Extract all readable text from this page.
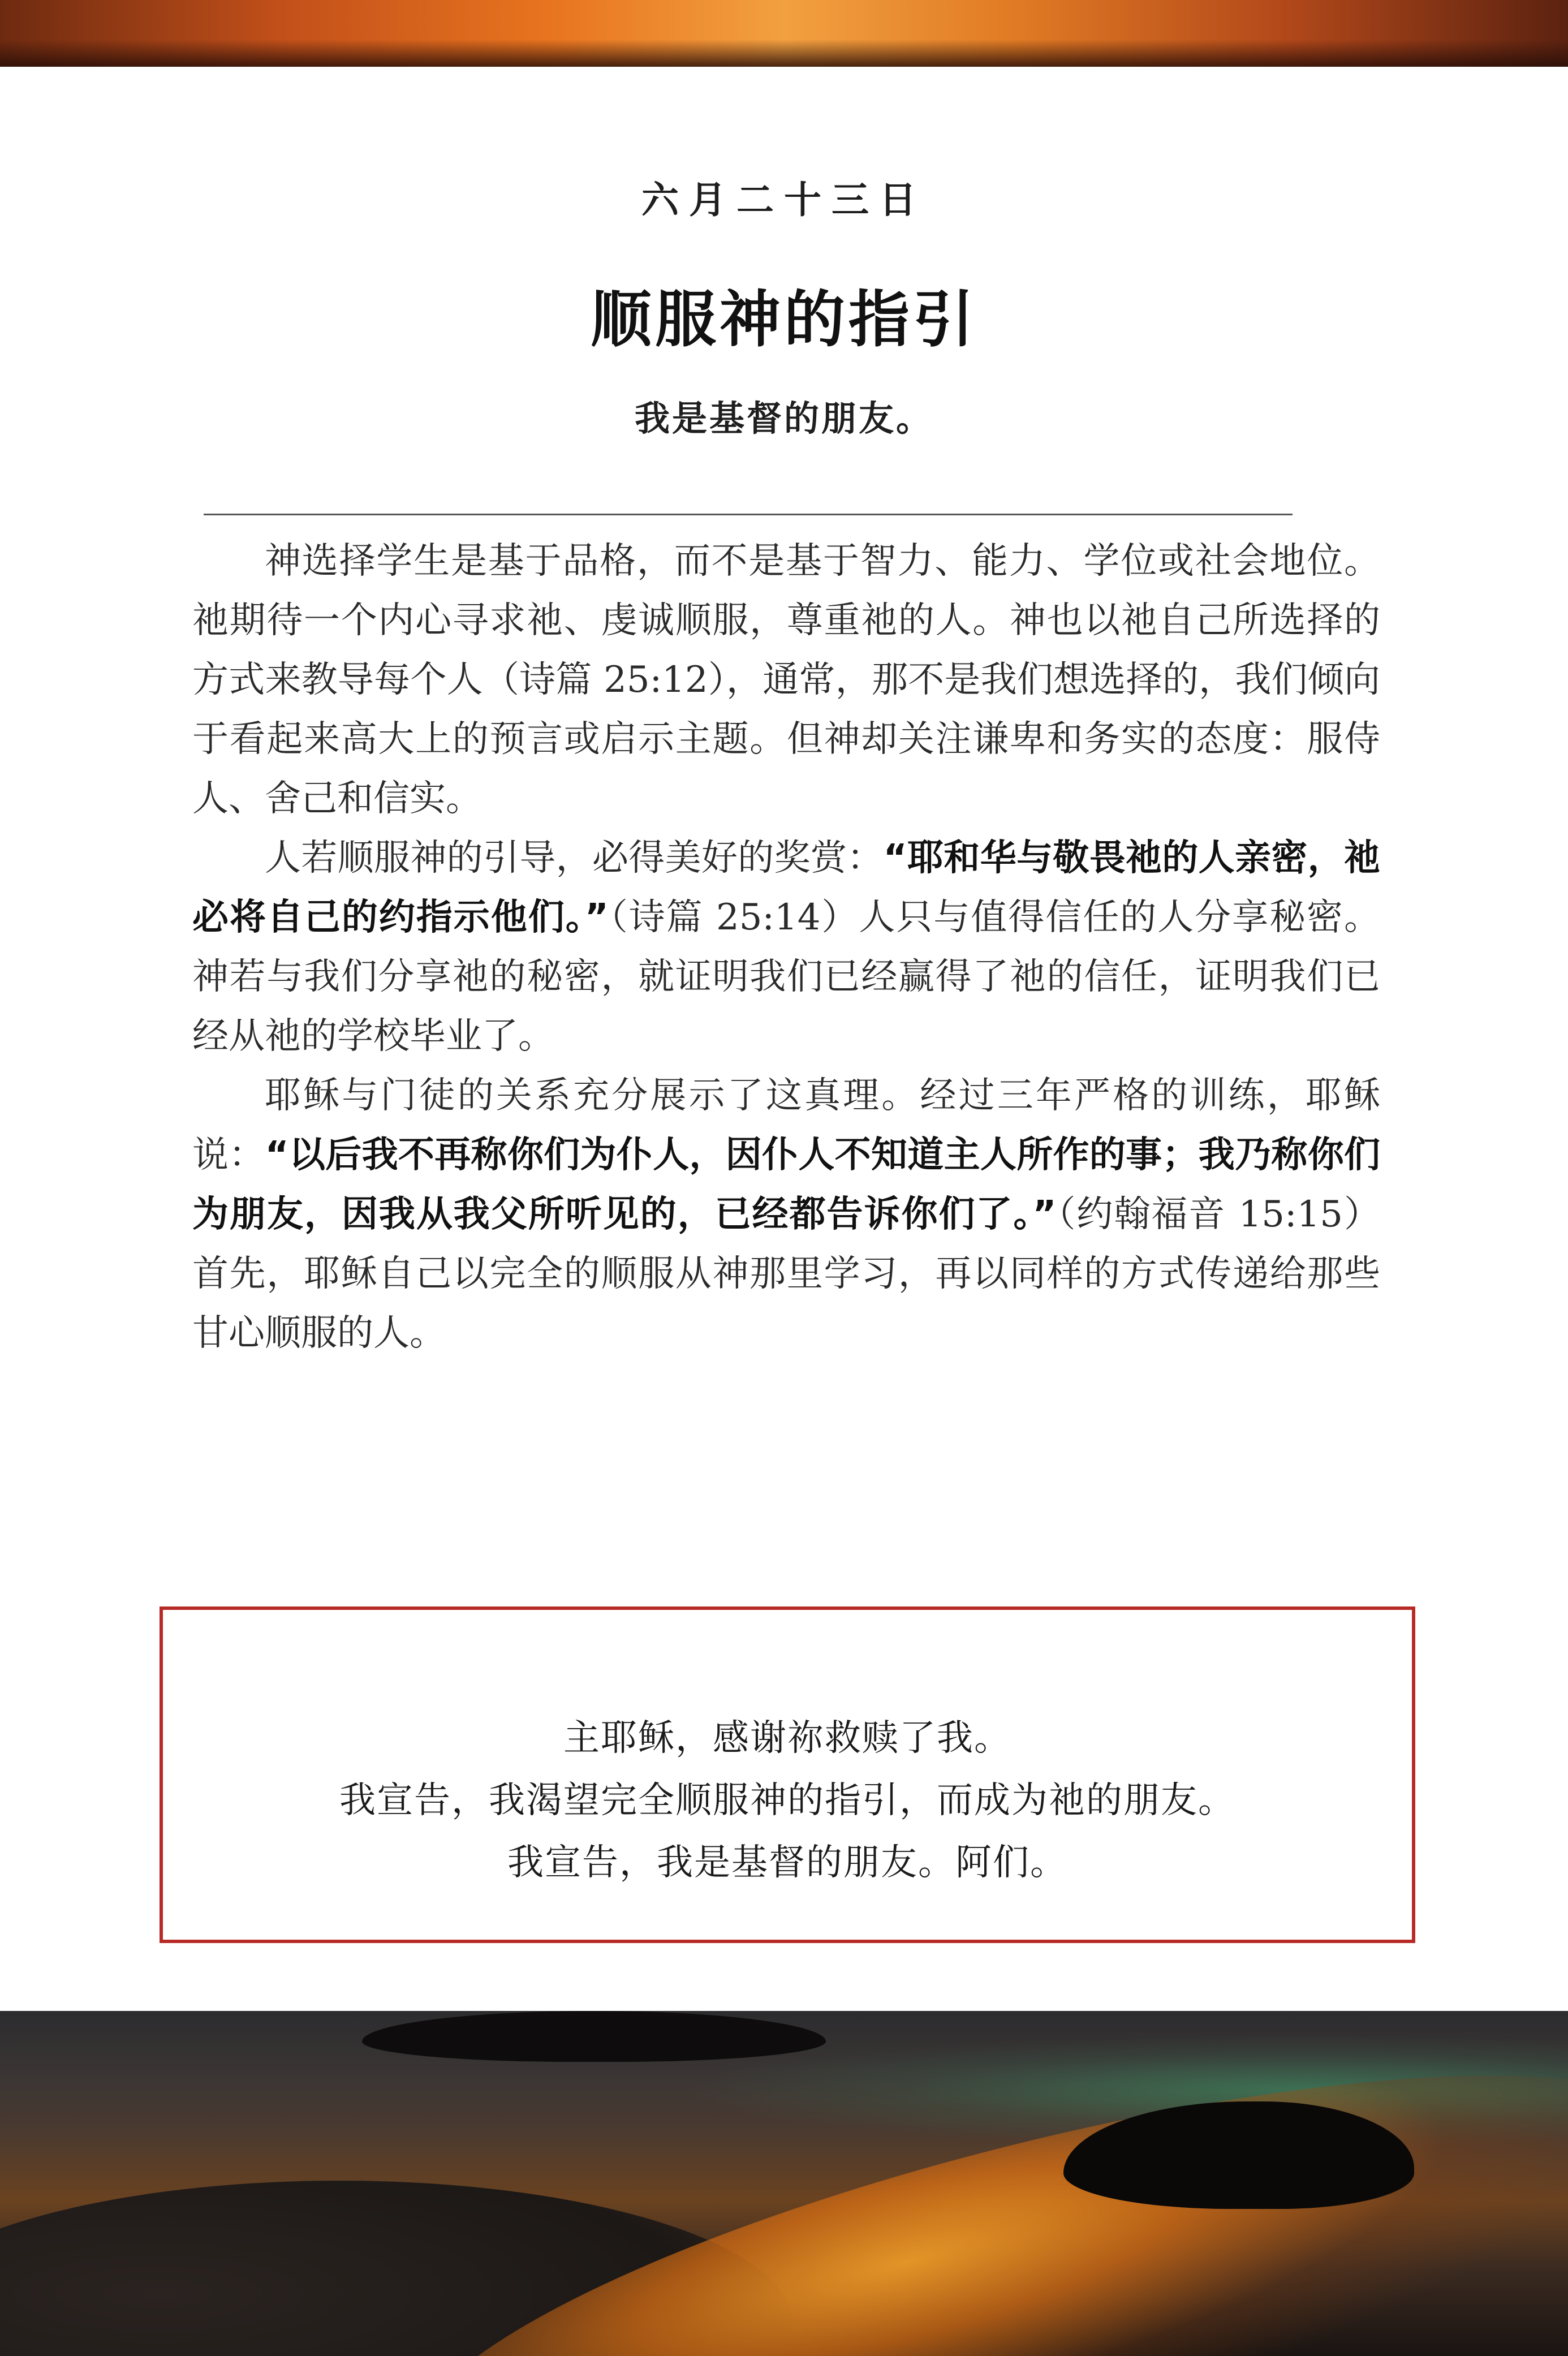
六月二十三日
顺服神的指引
我是基督的朋友。

神选择学生是基于品格，而不是基于智力、能力、学位或社会地位。祂期待一个内心寻求祂、虔诚顺服，尊重祂的人。神也以祂自己所选择的方式来教导每个人（诗篇 25:12），通常，那不是我们想选择的，我们倾向于看起来高大上的预言或启示主题。但神却关注谦卑和务实的态度：服侍人、舍己和信实。

人若顺服神的引导，必得美好的奖赏：“耶和华与敬畏祂的人亲密，祂必将自己的约指示他们。”（诗篇 25:14）人只与值得信任的人分享秘密。神若与我们分享祂的秘密，就证明我们已经赢得了祂的信任，证明我们已经从祂的学校毕业了。

耶稣与门徒的关系充分展示了这真理。经过三年严格的训练，耶稣说：“以后我不再称你们为仆人，因仆人不知道主人所作的事；我乃称你们为朋友，因我从我父所听见的，已经都告诉你们了。”（约翰福音 15:15）首先，耶稣自己以完全的顺服从神那里学习，再以同样的方式传递给那些甘心顺服的人。

主耶稣，感谢祢救赎了我。
我宣告，我渴望完全顺服神的指引，而成为祂的朋友。
我宣告，我是基督的朋友。阿们。
